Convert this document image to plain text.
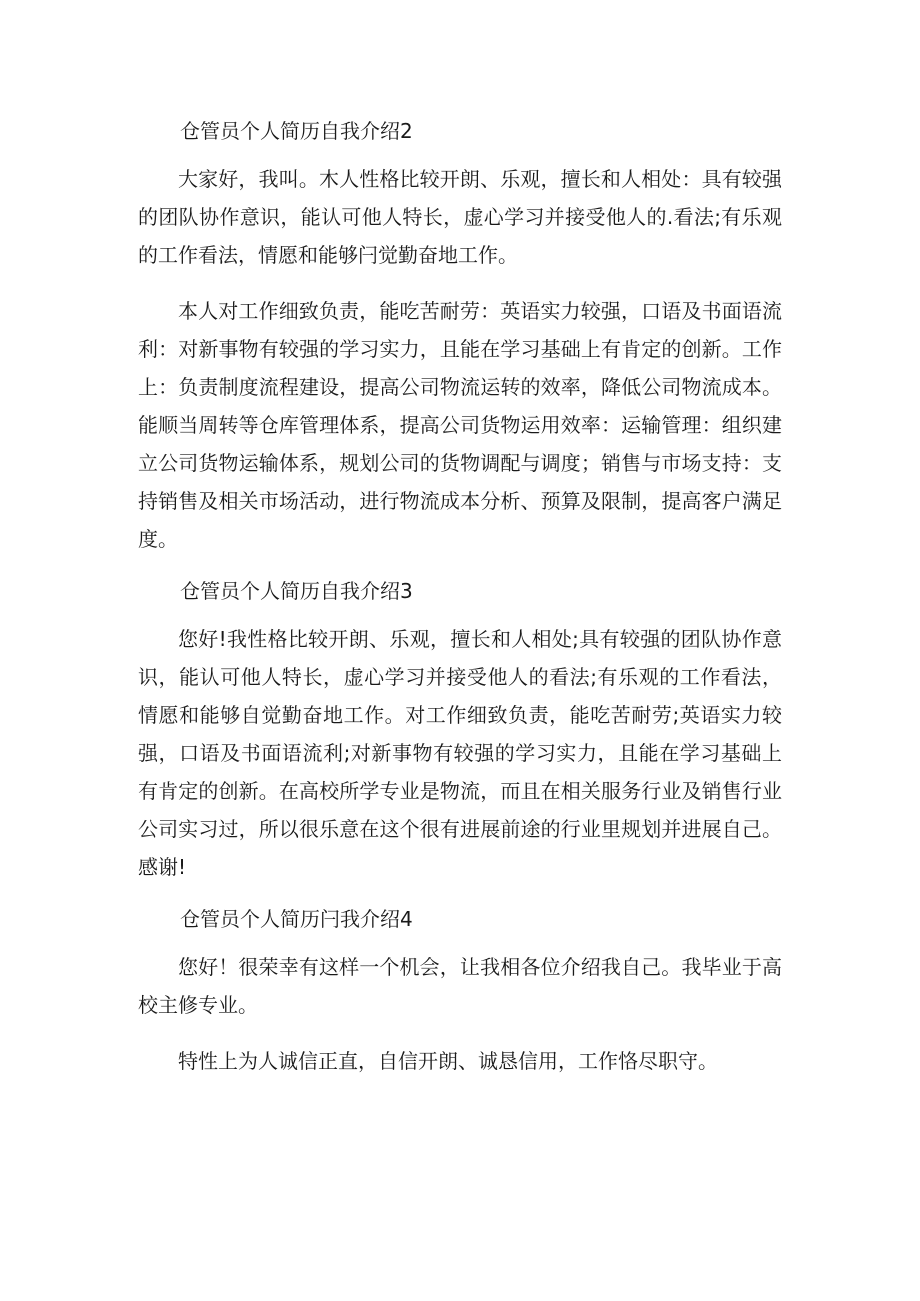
仓管员个人简历自我介绍2

大家好，我叫。木人性格比较开朗、乐观，擅长和人相处：具有较强的团队协作意识，能认可他人特长，虚心学习并接受他人的.看法;有乐观的工作看法，情愿和能够闩觉勤奋地工作。

本人对工作细致负责，能吃苦耐劳：英语实力较强，口语及书面语流利：对新事物有较强的学习实力，且能在学习基础上有肯定的创新。工作上：负责制度流程建设，提高公司物流运转的效率，降低公司物流成本。能顺当周转等仓库管理体系，提高公司货物运用效率：运输管理：组织建立公司货物运输体系，规划公司的货物调配与调度；销售与市场支持：支持销售及相关市场活动，进行物流成本分析、预算及限制，提高客户满足度。

仓管员个人简历自我介绍3

您好!我性格比较开朗、乐观，擅长和人相处;具有较强的团队协作意识，能认可他人特长，虚心学习并接受他人的看法;有乐观的工作看法，情愿和能够自觉勤奋地工作。对工作细致负责，能吃苦耐劳;英语实力较强，口语及书面语流利;对新事物有较强的学习实力，且能在学习基础上有肯定的创新。在高校所学专业是物流，而且在相关服务行业及销售行业公司实习过，所以很乐意在这个很有进展前途的行业里规划并进展自己。感谢!

仓管员个人简历闩我介绍4

您好！很荣幸有这样一个机会，让我相各位介绍我自己。我毕业于高校主修专业。

特性上为人诚信正直，自信开朗、诚恳信用，工作恪尽职守。
